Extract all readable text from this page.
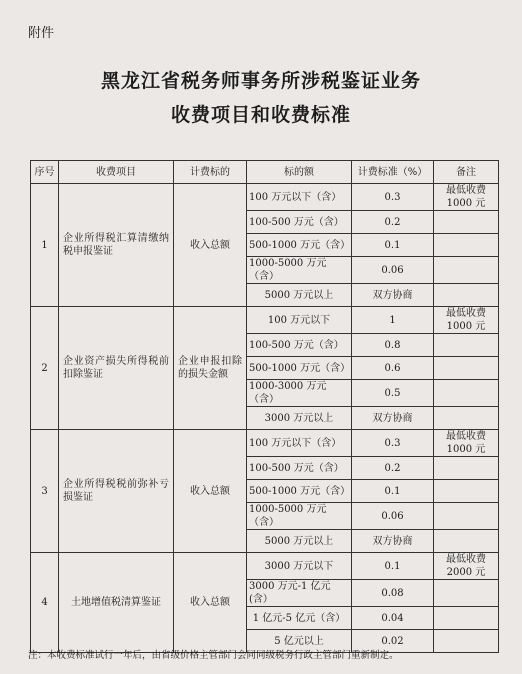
附件
黑龙江省税务师事务所涉税鉴证业务
收费项目和收费标准
序号	收费项目	计费标的	标的额	计费标准（%）	备注
1	企业所得税汇算清缴纳税申报鉴证	收入总额	100 万元以下（含）	0.3	最低收费1000 元
			100-500 万元（含）	0.2	
			500-1000 万元（含）	0.1	
			1000-5000 万元（含）	0.06	
			5000 万元以上	双方协商	
2	企业资产损失所得税前扣除鉴证	企业申报扣除的损失金额	100 万元以下	1	最低收费1000 元
			100-500 万元（含）	0.8	
			500-1000 万元（含）	0.6	
			1000-3000 万元（含）	0.5	
			3000 万元以上	双方协商	
3	企业所得税税前弥补亏损鉴证	收入总额	100 万元以下（含）	0.3	最低收费1000 元
			100-500 万元（含）	0.2	
			500-1000 万元（含）	0.1	
			1000-5000 万元（含）	0.06	
			5000 万元以上	双方协商	
4	土地增值税清算鉴证	收入总额	3000 万元以下	0.1	最低收费2000 元
			3000 万元-1 亿元(含）	0.08	
			1 亿元-5 亿元（含）	0.04	
			5 亿元以上	0.02	
注：本收费标准试行一年后，由省级价格主管部门会同同级税务行政主管部门重新制定。
